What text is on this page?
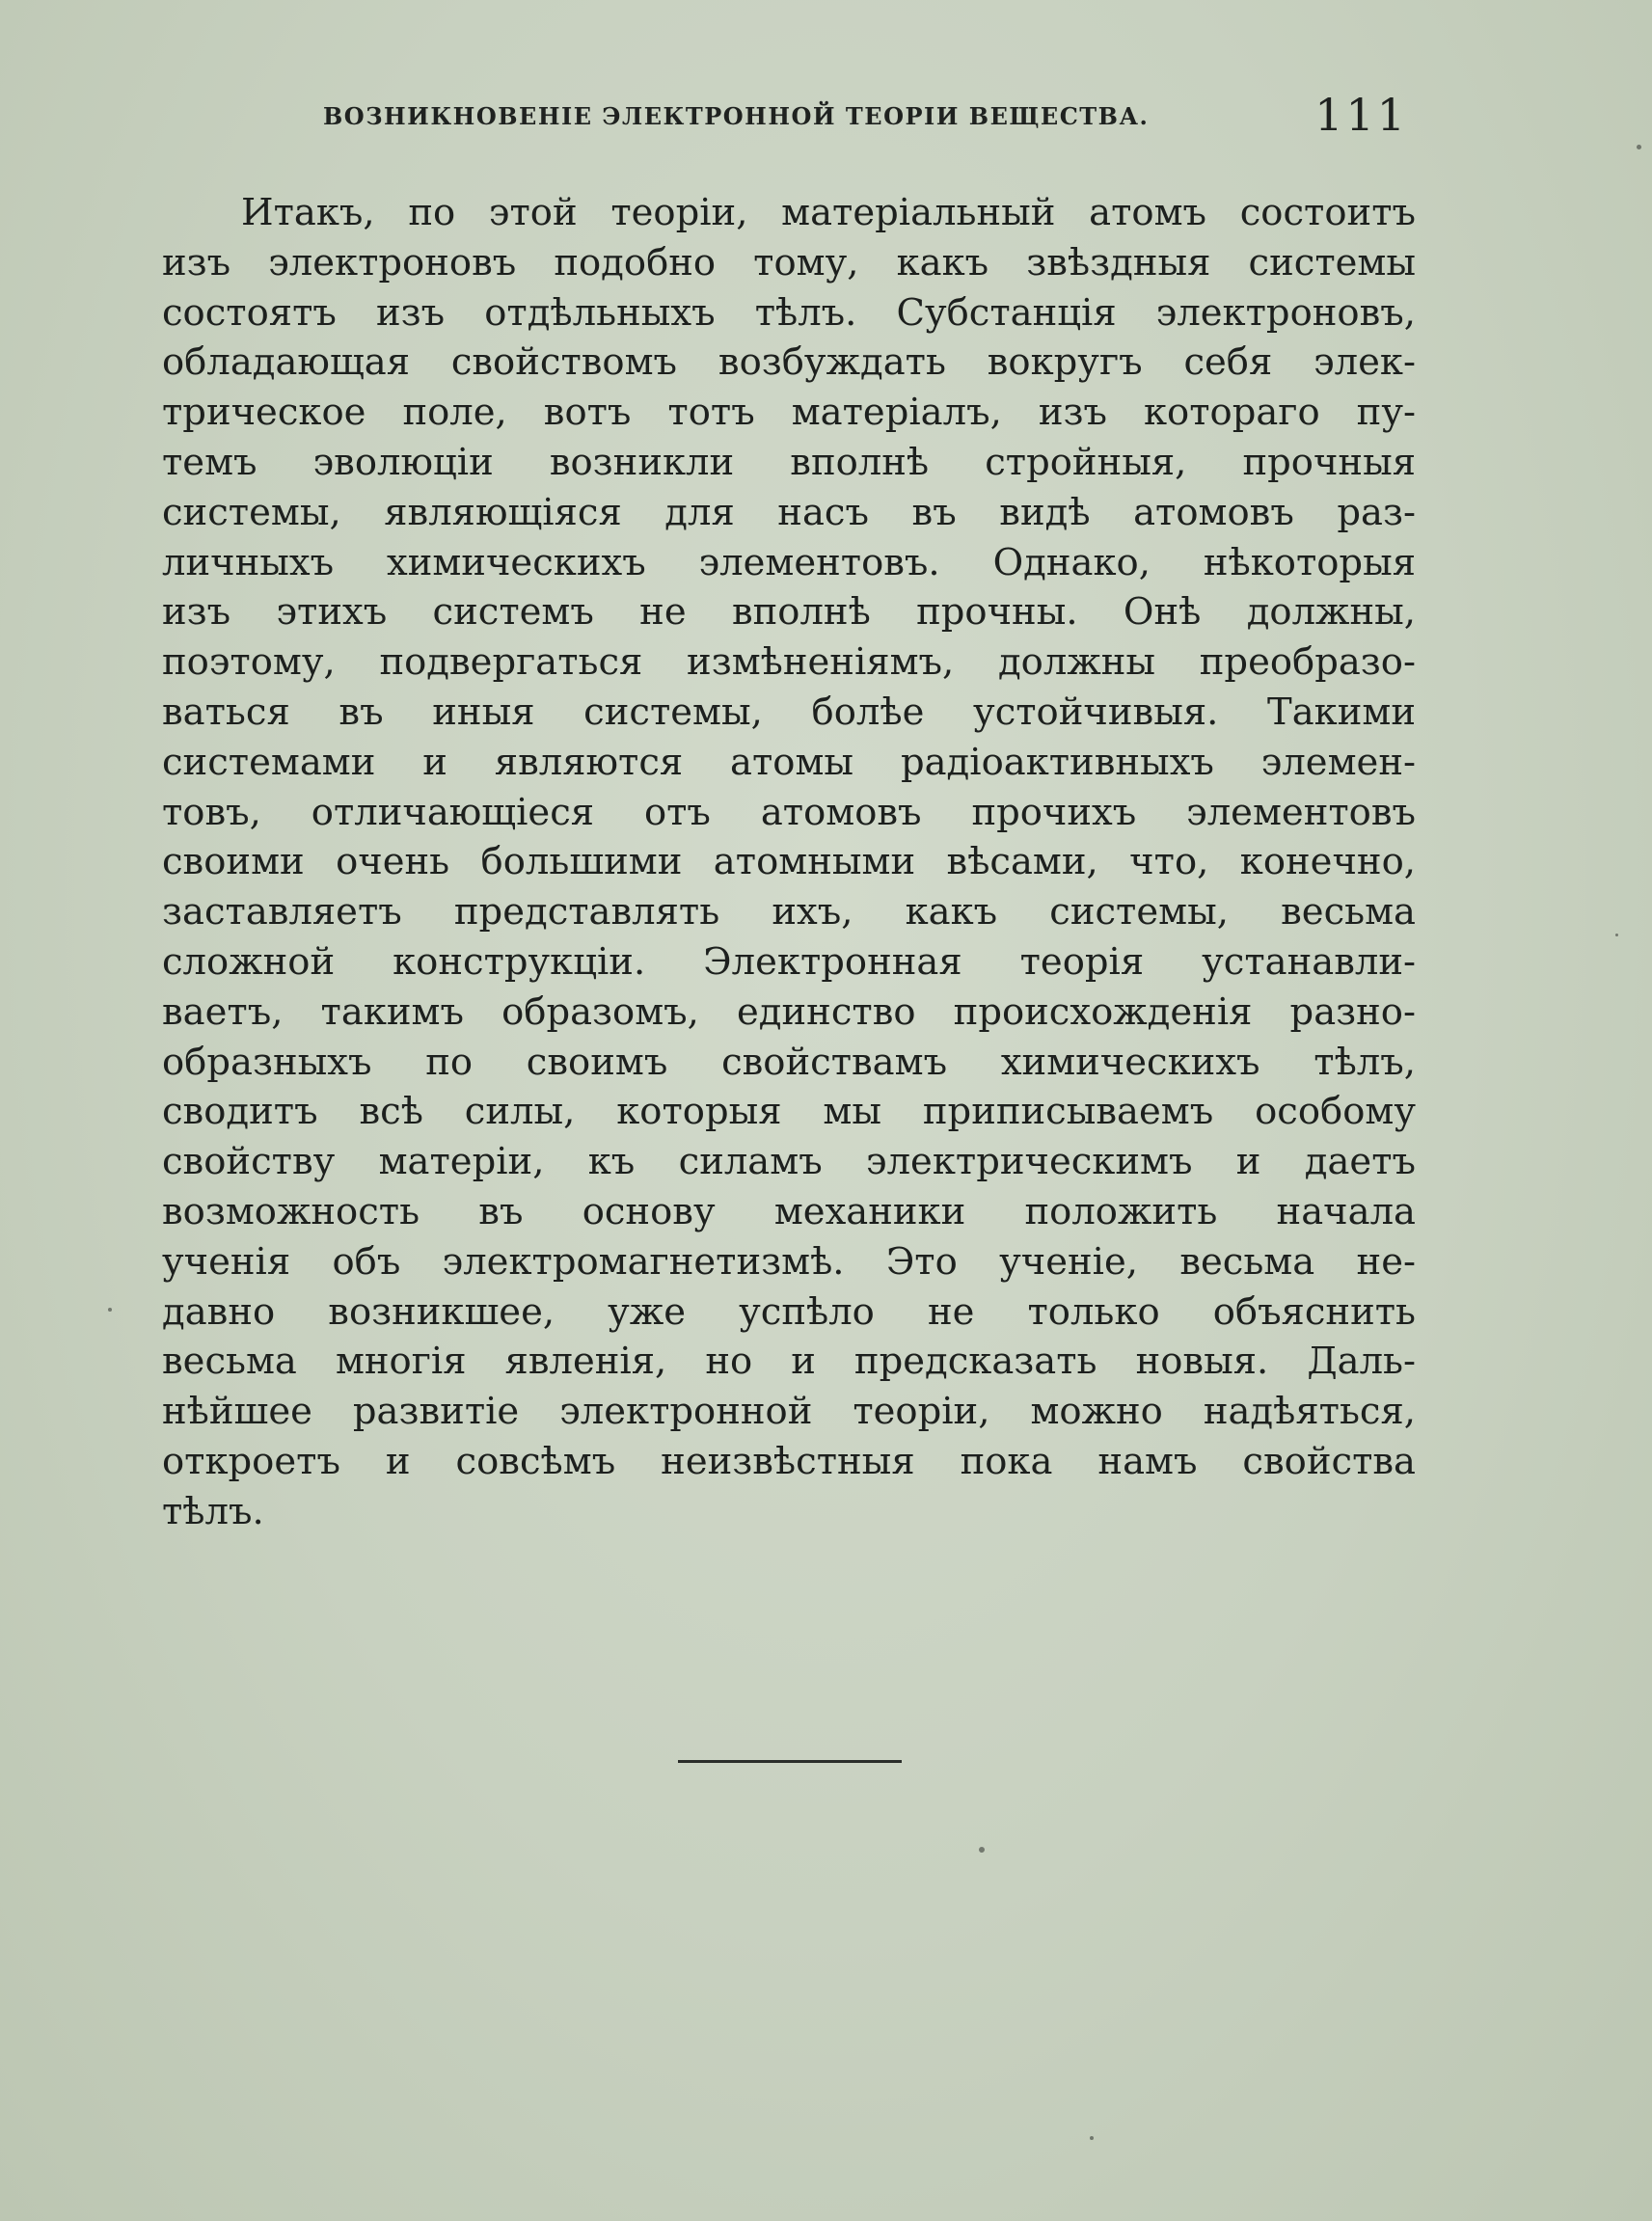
ВОЗНИКНОВЕНІЕ ЭЛЕКТРОННОЙ ТЕОРІИ ВЕЩЕСТВА.	111
Итакъ, по этой теоріи, матеріальный атомъ состоитъ
изъ электроновъ подобно тому, какъ звѣздныя системы
состоятъ изъ отдѣльныхъ тѣлъ. Субстанція электроновъ,
обладающая свойствомъ возбуждать вокругъ себя элек-
трическое поле, вотъ тотъ матеріалъ, изъ котораго пу-
темъ эволюціи возникли вполнѣ стройныя, прочныя
системы, являющіяся для насъ въ видѣ атомовъ раз-
личныхъ химическихъ элементовъ. Однако, нѣкоторыя
изъ этихъ системъ не вполнѣ прочны. Онѣ должны,
поэтому, подвергаться измѣненіямъ, должны преобразо-
ваться въ иныя системы, болѣе устойчивыя. Такими
системами и являются атомы радіоактивныхъ элемен-
товъ, отличающіеся отъ атомовъ прочихъ элементовъ
своими очень большими атомными вѣсами, что, конечно,
заставляетъ представлять ихъ, какъ системы, весьма
сложной конструкціи. Электронная теорія устанавли-
ваетъ, такимъ образомъ, единство происхожденія разно-
образныхъ по своимъ свойствамъ химическихъ тѣлъ,
сводитъ всѣ силы, которыя мы приписываемъ особому
свойству матеріи, къ силамъ электрическимъ и даетъ
возможность въ основу механики положить начала
ученія объ электромагнетизмѣ. Это ученіе, весьма не-
давно возникшее, уже успѣло не только объяснить
весьма многія явленія, но и предсказать новыя. Даль-
нѣйшее развитіе электронной теоріи, можно надѣяться,
откроетъ и совсѣмъ неизвѣстныя пока намъ свойства
тѣлъ.
